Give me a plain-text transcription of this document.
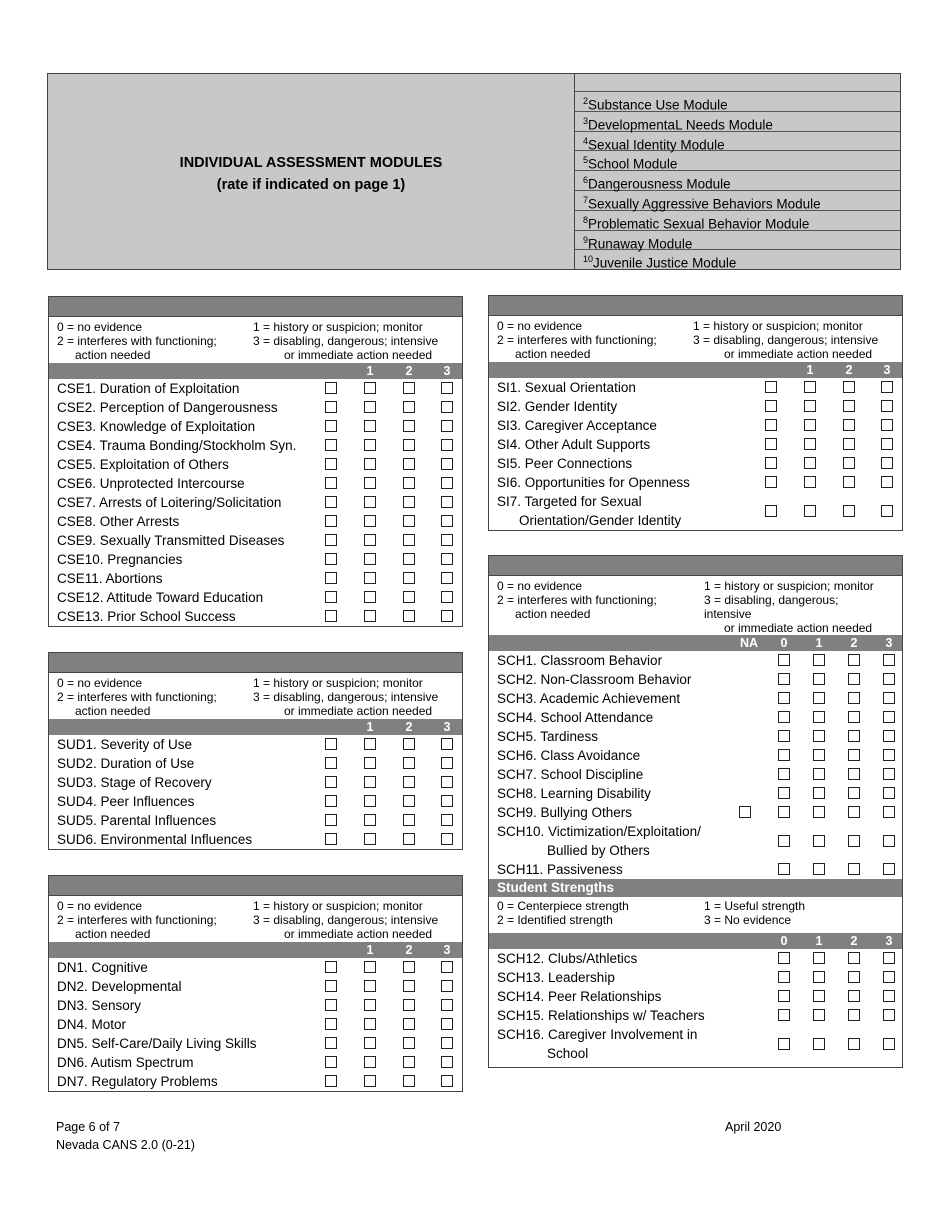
INDIVIDUAL ASSESSMENT MODULES
(rate if indicated on page 1)
$^2$Substance Use Module
$^3$DevelopmentaL Needs Module
$^4$Sexual Identity Module
$^5$School Module
$^6$Dangerousness Module
$^7$Sexually Aggressive Behaviors Module
$^8$Problematic Sexual Behavior Module
$^9$Runaway Module
$^{10}$Juvenile Justice Module
0 = no evidence
2 = interferes with functioning;
action needed
1 = history or suspicion; monitor
3 = disabling, dangerous; intensive
or immediate action needed
1	2	3
CSE1. Duration of Exploitation
CSE2. Perception of Dangerousness
CSE3. Knowledge of Exploitation
CSE4. Trauma Bonding/Stockholm Syn.
CSE5. Exploitation of Others
CSE6. Unprotected Intercourse
CSE7. Arrests of Loitering/Solicitation
CSE8. Other Arrests
CSE9. Sexually Transmitted Diseases
CSE10. Pregnancies
CSE11. Abortions
CSE12. Attitude Toward Education
CSE13. Prior School Success
0 = no evidence
2 = interferes with functioning;
action needed
1 = history or suspicion; monitor
3 = disabling, dangerous; intensive
or immediate action needed
1	2	3
SUD1. Severity of Use
SUD2. Duration of Use
SUD3. Stage of Recovery
SUD4. Peer Influences
SUD5. Parental Influences
SUD6. Environmental Influences
0 = no evidence
2 = interferes with functioning;
action needed
1 = history or suspicion; monitor
3 = disabling, dangerous; intensive
or immediate action needed
1	2	3
DN1. Cognitive
DN2. Developmental
DN3. Sensory
DN4. Motor
DN5. Self-Care/Daily Living Skills
DN6. Autism Spectrum
DN7. Regulatory Problems
0 = no evidence
2 = interferes with functioning;
action needed
1 = history or suspicion; monitor
3 = disabling, dangerous; intensive
or immediate action needed
1	2	3
SI1. Sexual Orientation
SI2. Gender Identity
SI3. Caregiver Acceptance
SI4. Other Adult Supports
SI5. Peer Connections
SI6. Opportunities for Openness
SI7. Targeted for Sexual
Orientation/Gender Identity
0 = no evidence
2 = interferes with functioning;
action needed
1 = history or suspicion; monitor
3 = disabling, dangerous;
intensive
or immediate action needed
NA	0	1	2	3
SCH1. Classroom Behavior
SCH2. Non-Classroom Behavior
SCH3. Academic Achievement
SCH4. School Attendance
SCH5. Tardiness
SCH6. Class Avoidance
SCH7. School Discipline
SCH8. Learning Disability
SCH9. Bullying Others
SCH10. Victimization/Exploitation/
Bullied by Others
SCH11. Passiveness
Student Strengths
0 = Centerpiece strength
2 = Identified strength
1 = Useful strength
3 = No evidence
0	1	2	3
SCH12. Clubs/Athletics
SCH13. Leadership
SCH14. Peer Relationships
SCH15. Relationships w/ Teachers
SCH16. Caregiver Involvement in
School
Page 6 of 7
Nevada CANS 2.0 (0-21)
April 2020
